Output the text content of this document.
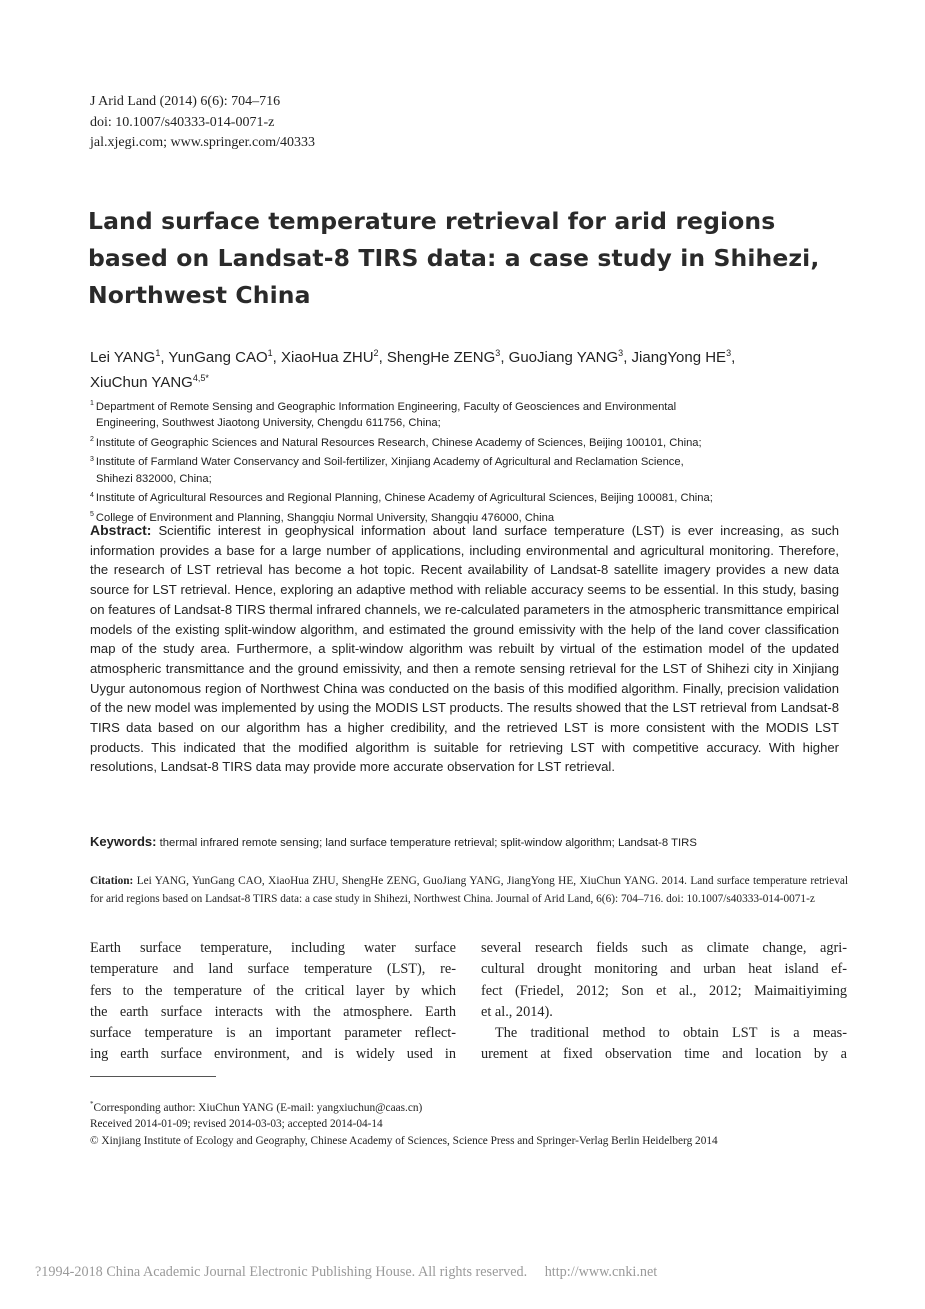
J Arid Land (2014) 6(6): 704–716
doi: 10.1007/s40333-014-0071-z
jal.xjegi.com; www.springer.com/40333
Land surface temperature retrieval for arid regions based on Landsat-8 TIRS data: a case study in Shihezi, Northwest China
Lei YANG$^1$, YunGang CAO$^1$, XiaoHua ZHU$^2$, ShengHe ZENG$^3$, GuoJiang YANG$^3$, JiangYong $HE^3$,
XiuChun $YANG^{4,5*}$
$^1$ Department of Remote Sensing and Geographic Information Engineering, Faculty of Geosciences and Environmental
Engineering, Southwest Jiaotong University, Chengdu 611756, China;
$^2$ Institute of Geographic Sciences and Natural Resources Research, Chinese Academy of Sciences, Beijing 100101, China;
$^3$ Institute of Farmland Water Conservancy and Soil-fertilizer, Xinjiang Academy of Agricultural and Reclamation Science,
Shihezi 832000, China;
$^4$ Institute of Agricultural Resources and Regional Planning, Chinese Academy of Agricultural Sciences, Beijing 100081, China;
$^5$ College of Environment and Planning, Shangqiu Normal University, Shangqiu 476000, China
Abstract: Scientific interest in geophysical information about land surface temperature (LST) is ever increasing, as such information provides a base for a large number of applications, including environmental and agricultural monitoring. Therefore, the research of LST retrieval has become a hot topic. Recent availability of Landsat-8 satellite imagery provides a new data source for LST retrieval. Hence, exploring an adaptive method with reliable accuracy seems to be essential. In this study, basing on features of Landsat-8 TIRS thermal infrared channels, we re-calculated parameters in the atmospheric transmittance empirical models of the existing split-window algorithm, and estimated the ground emissivity with the help of the land cover classification map of the study area. Furthermore, a split-window algorithm was rebuilt by virtual of the estimation model of the updated atmospheric transmittance and the ground emissivity, and then a remote sensing retrieval for the LST of Shihezi city in Xinjiang Uygur autonomous region of Northwest China was conducted on the basis of this modified algorithm. Finally, precision validation of the new model was implemented by using the MODIS LST products. The results showed that the LST retrieval from Landsat-8 TIRS data based on our algorithm has a higher credibility, and the retrieved LST is more consistent with the MODIS LST products. This indicated that the modified algorithm is suitable for retrieving LST with competitive accuracy. With higher resolutions, Landsat-8 TIRS data may provide more accurate observation for LST retrieval.
Keywords: thermal infrared remote sensing; land surface temperature retrieval; split-window algorithm; Landsat-8 TIRS
Citation: Lei YANG, YunGang CAO, XiaoHua ZHU, ShengHe ZENG, GuoJiang YANG, JiangYong HE, XiuChun YANG. 2014. Land surface temperature retrieval for arid regions based on Landsat-8 TIRS data: a case study in Shihezi, Northwest China. Journal of Arid Land, 6(6): 704–716. doi: 10.1007/s40333-014-0071-z
Earth surface temperature, including water surface
temperature and land surface temperature (LST), re-
fers to the temperature of the critical layer by which
the earth surface interacts with the atmosphere. Earth
surface temperature is an important parameter reflect-
ing earth surface environment, and is widely used in
several research fields such as climate change, agri-
cultural drought monitoring and urban heat island ef-
fect (Friedel, 2012; Son et al., 2012; Maimaitiyiming
et al., 2014).
The traditional method to obtain LST is a meas-
urement at fixed observation time and location by a
*Corresponding author: XiuChun YANG (E-mail: yangxiuchun@caas.cn)
Received 2014-01-09; revised 2014-03-03; accepted 2014-04-14
© Xinjiang Institute of Ecology and Geography, Chinese Academy of Sciences, Science Press and Springer-Verlag Berlin Heidelberg 2014
?1994-2018 China Academic Journal Electronic Publishing House. All rights reserved. http://www.cnki.net
